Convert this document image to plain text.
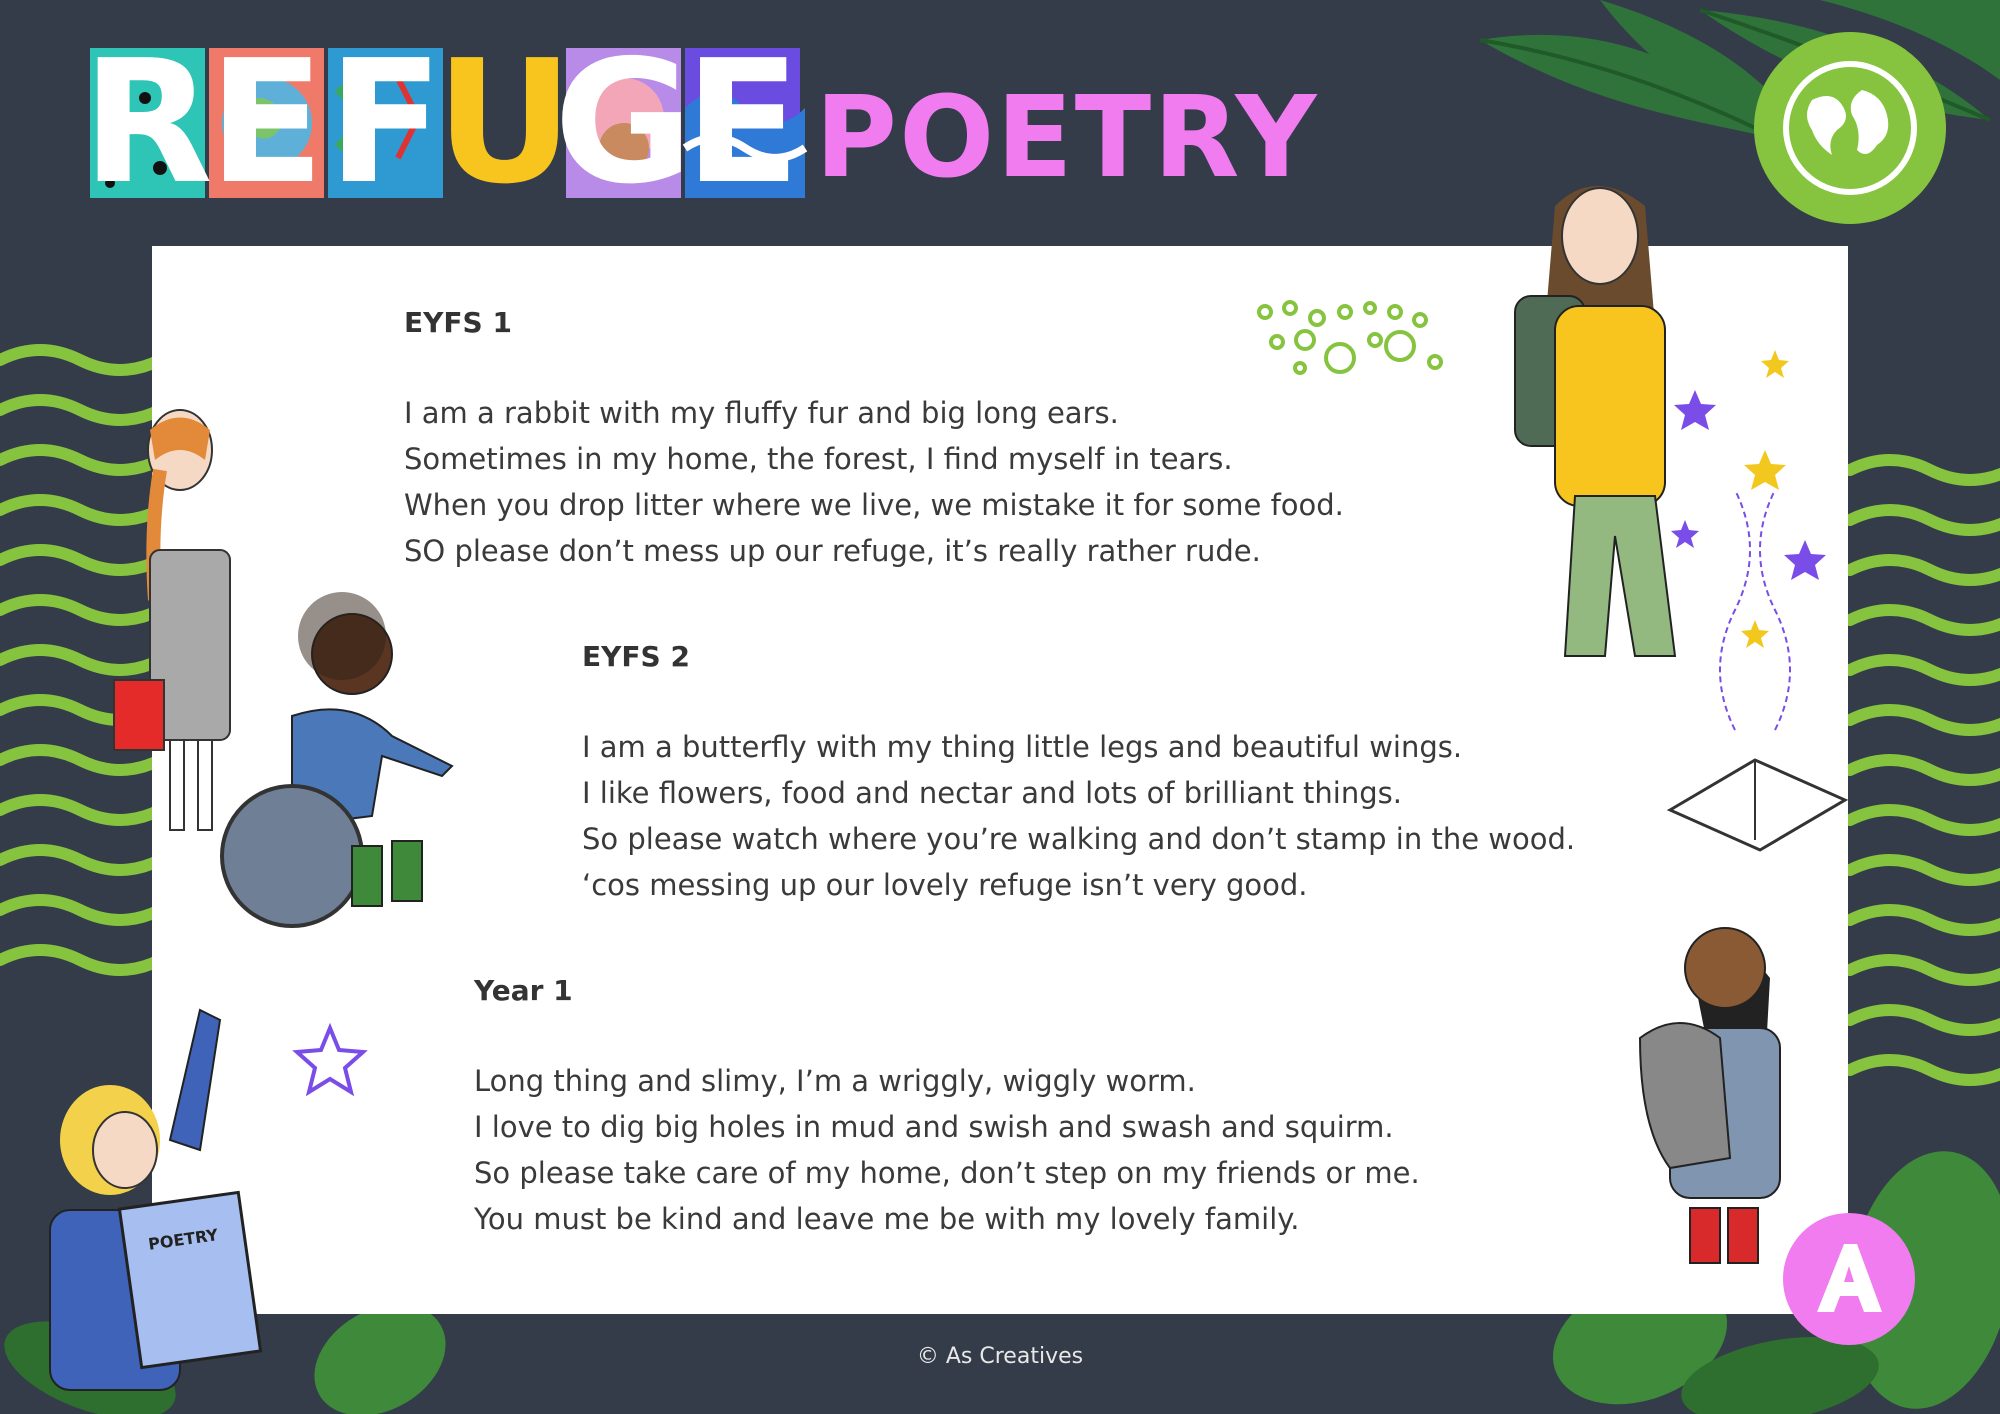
R
E F
U
G
E POETRY
EYFS 1
I am a rabbit with my fluffy fur and big long ears.
Sometimes in my home, the forest, I find myself in tears.
When you drop litter where we live, we mistake it for some food.
SO please don’t mess up our refuge, it’s really rather rude.
EYFS 2
I am a butterfly with my thing little legs and beautiful wings.
I like flowers, food and nectar and lots of brilliant things.
So please watch where you’re walking and don’t stamp in the wood.
‘cos messing up our lovely refuge isn’t very good.
Year 1
Long thing and slimy, I’m a wriggly, wiggly worm.
I love to dig big holes in mud and swish and swash and squirm.
So please take care of my home, don’t step on my friends or me.
You must be kind and leave me be with my lovely family.
POETRY
© As Creatives
